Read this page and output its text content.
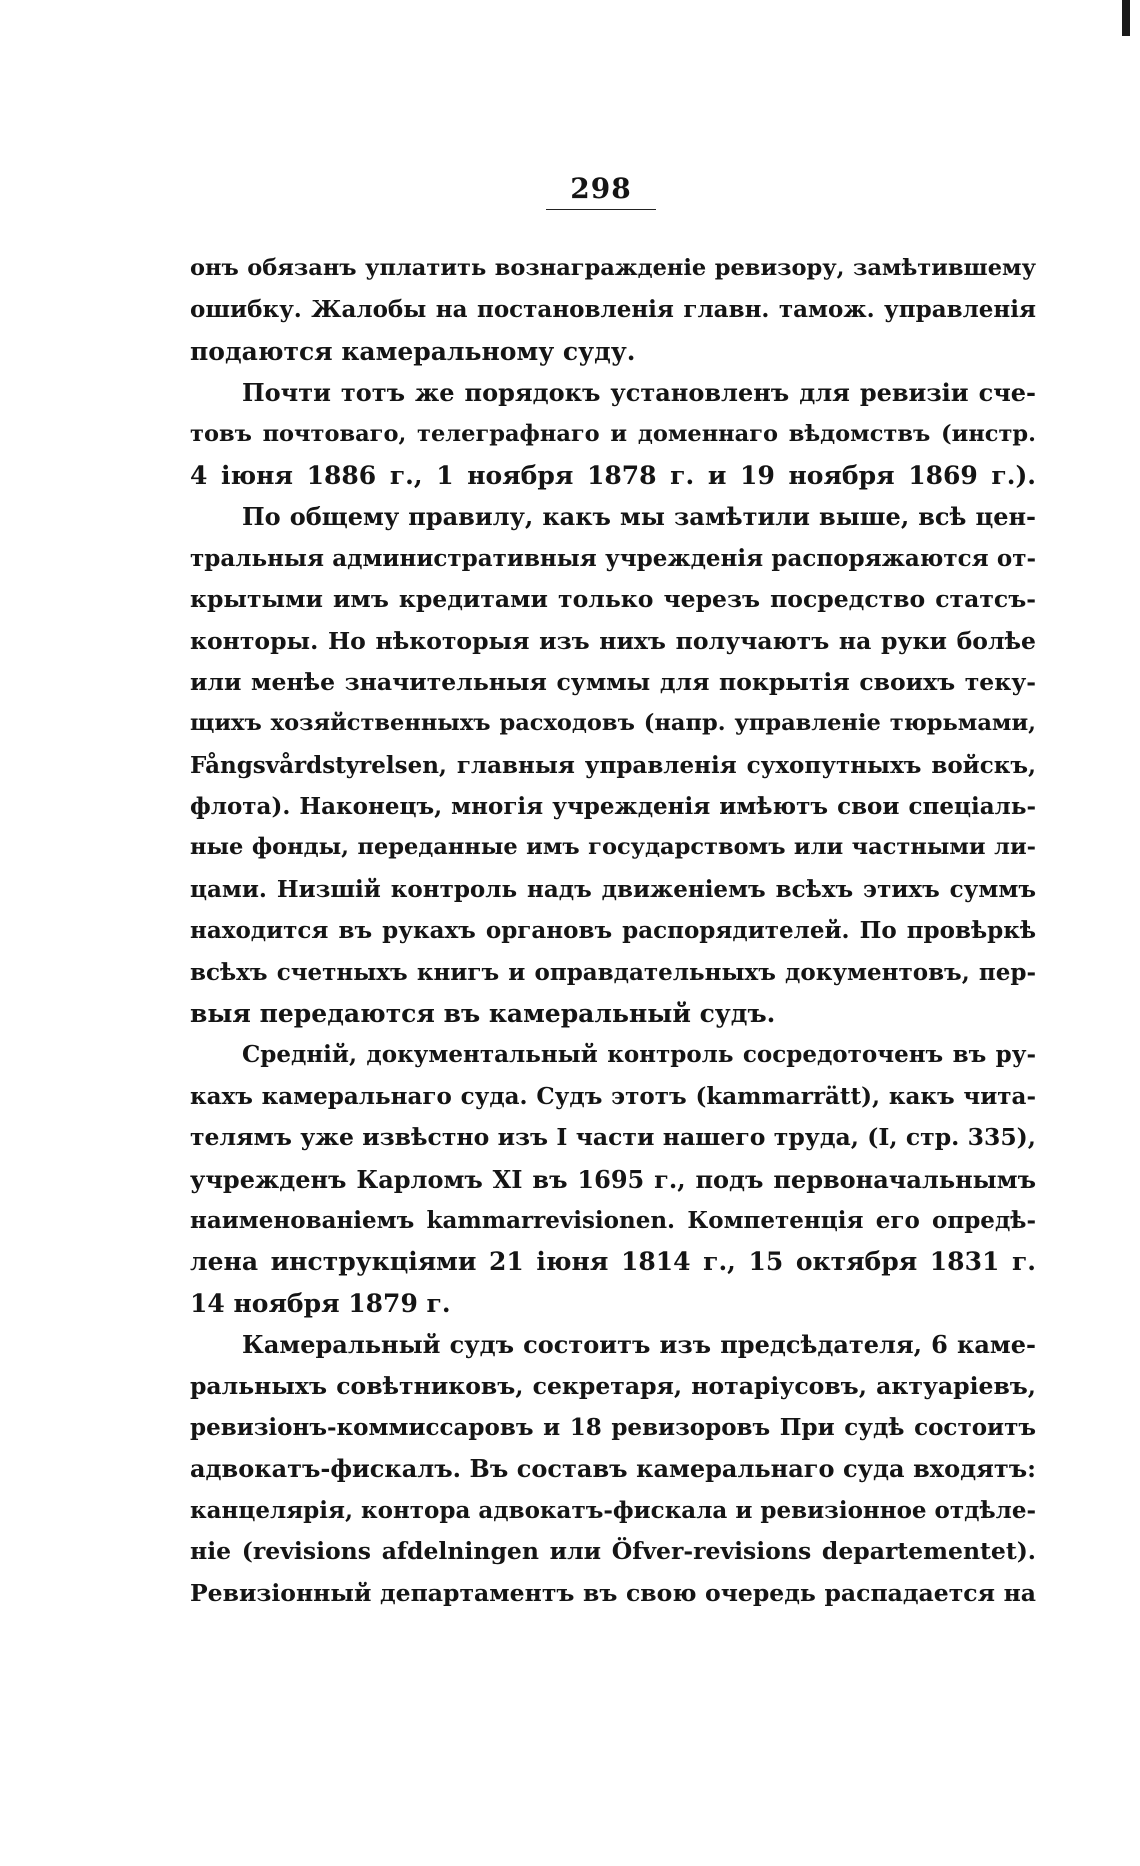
298
онъ обязанъ уплатить вознагражденіе ревизору, замѣтившему
ошибку. Жалобы на постановленія главн. тамож. управленія
подаются камеральному суду.
Почти тотъ же порядокъ установленъ для ревизіи сче-
товъ почтоваго, телеграфнаго и доменнаго вѣдомствъ (инстр.
4 іюня 1886 г., 1 ноября 1878 г. и 19 ноября 1869 г.).
По общему правилу, какъ мы замѣтили выше, всѣ цен-
тральныя административныя учрежденія распоряжаются от-
крытыми имъ кредитами только черезъ посредство статсъ-
конторы. Но нѣкоторыя изъ нихъ получаютъ на руки болѣе
или менѣе значительныя суммы для покрытія своихъ теку-
щихъ хозяйственныхъ расходовъ (напр. управленіе тюрьмами,
Fångsvårdstyrelsen, главныя управленія сухопутныхъ войскъ,
флота). Наконецъ, многія учрежденія имѣютъ свои спеціаль-
ные фонды, переданные имъ государствомъ или частными ли-
цами. Низшій контроль надъ движеніемъ всѣхъ этихъ суммъ
находится въ рукахъ органовъ распорядителей. По провѣркѣ
всѣхъ счетныхъ книгъ и оправдательныхъ документовъ, пер-
выя передаются въ камеральный судъ.
Средній, документальный контроль сосредоточенъ въ ру-
кахъ камеральнаго суда. Судъ этотъ (kammarrätt), какъ чита-
телямъ уже извѣстно изъ I части нашего труда, (I, стр. 335),
учрежденъ Карломъ XI въ 1695 г., подъ первоначальнымъ
наименованіемъ kammarrevisionen. Компетенція его опредѣ-
лена инструкціями 21 іюня 1814 г., 15 октября 1831 г.
14 ноября 1879 г.
Камеральный судъ состоитъ изъ предсѣдателя, 6 каме-
ральныхъ совѣтниковъ, секретаря, нотаріусовъ, актуаріевъ,
ревизіонъ-коммиссаровъ и 18 ревизоровъ При судѣ состоитъ
адвокатъ-фискалъ. Въ составъ камеральнаго суда входятъ:
канцелярія, контора адвокатъ-фискала и ревизіонное отдѣле-
ніе (revisions afdelningen или Öfver-revisions departementet).
Ревизіонный департаментъ въ свою очередь распадается на
